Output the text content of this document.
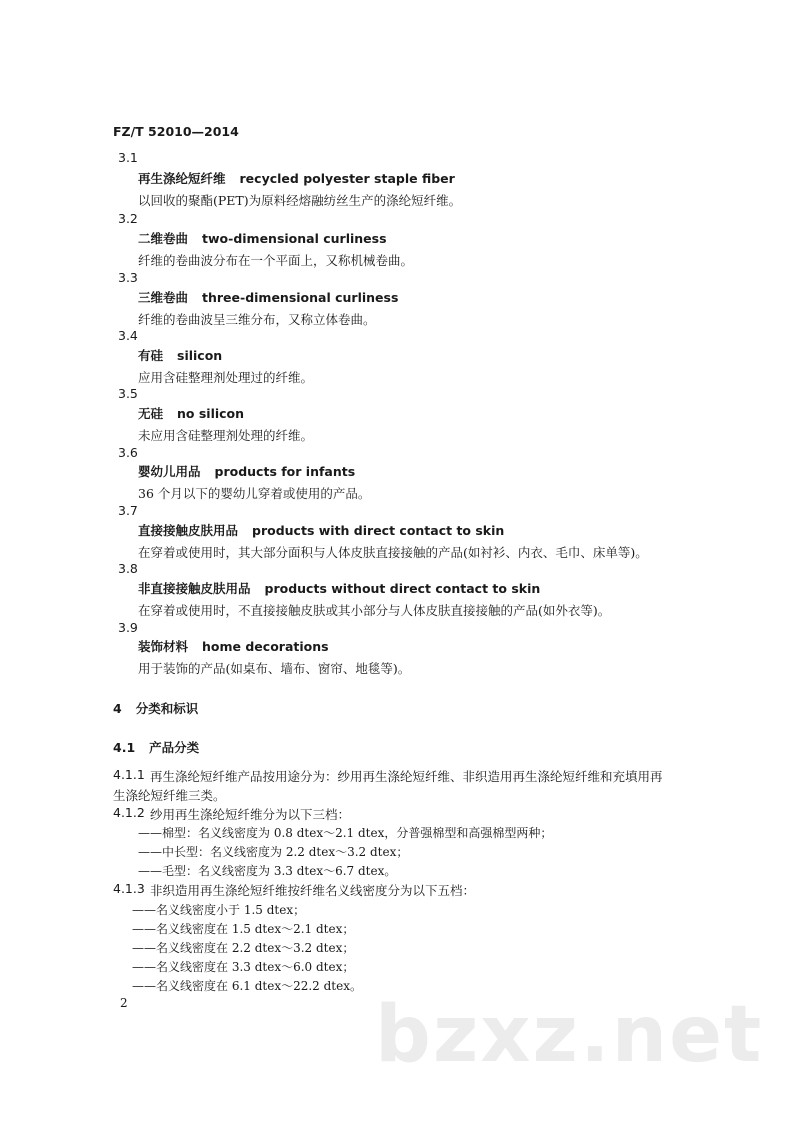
FZ/T 52010—2014
3.1
再生涤纶短纤维 recycled polyester staple fiber
以回收的聚酯(PET)为原料经熔融纺丝生产的涤纶短纤维。
3.2
二维卷曲 two-dimensional curliness
纤维的卷曲波分布在一个平面上，又称机械卷曲。
3.3
三维卷曲 three-dimensional curliness
纤维的卷曲波呈三维分布，又称立体卷曲。
3.4
有硅 silicon
应用含硅整理剂处理过的纤维。
3.5
无硅 no silicon
未应用含硅整理剂处理的纤维。
3.6
婴幼儿用品 products for infants
36 个月以下的婴幼儿穿着或使用的产品。
3.7
直接接触皮肤用品 products with direct contact to skin
在穿着或使用时，其大部分面积与人体皮肤直接接触的产品(如衬衫、内衣、毛巾、床单等)。
3.8
非直接接触皮肤用品 products without direct contact to skin
在穿着或使用时，不直接接触皮肤或其小部分与人体皮肤直接接触的产品(如外衣等)。
3.9
装饰材料 home decorations
用于装饰的产品(如桌布、墙布、窗帘、地毯等)。
4 分类和标识
4.1 产品分类
4.1.1 再生涤纶短纤维产品按用途分为：纱用再生涤纶短纤维、非织造用再生涤纶短纤维和充填用再
生涤纶短纤维三类。
4.1.2 纱用再生涤纶短纤维分为以下三档：
——棉型：名义线密度为 0.8 dtex～2.1 dtex，分普强棉型和高强棉型两种；
——中长型：名义线密度为 2.2 dtex～3.2 dtex；
——毛型：名义线密度为 3.3 dtex～6.7 dtex。
4.1.3 非织造用再生涤纶短纤维按纤维名义线密度分为以下五档：
——名义线密度小于 1.5 dtex；
——名义线密度在 1.5 dtex～2.1 dtex；
——名义线密度在 2.2 dtex～3.2 dtex；
——名义线密度在 3.3 dtex～6.0 dtex；
——名义线密度在 6.1 dtex～22.2 dtex。
2	bzxz.net
